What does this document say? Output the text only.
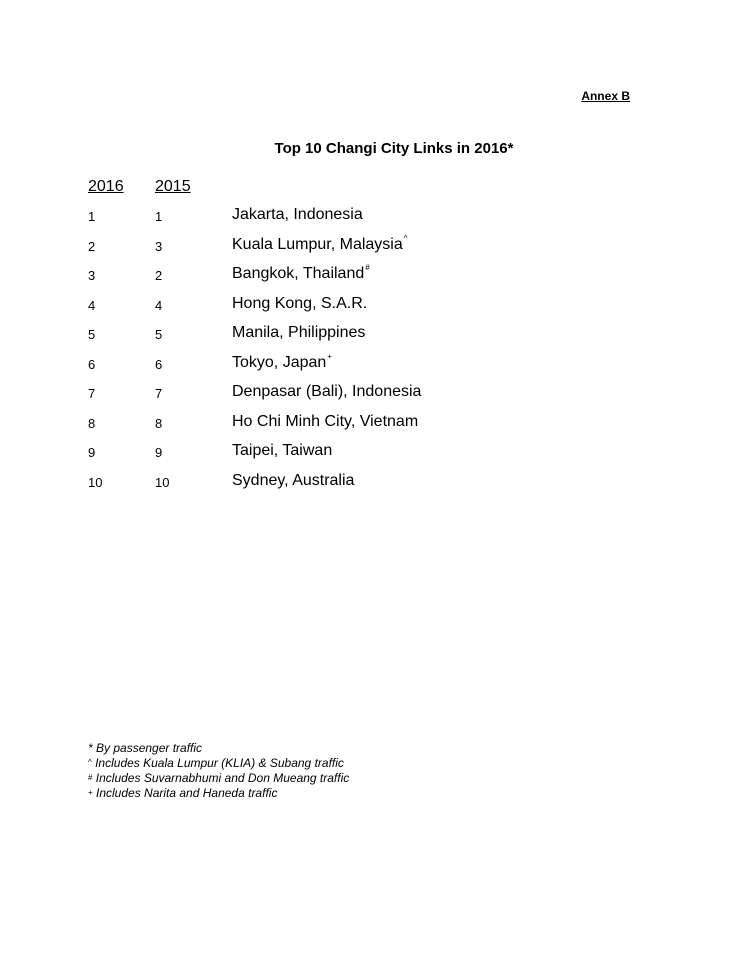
Annex B
Top 10 Changi City Links in 2016*
2016 2015
1	1	Jakarta, Indonesia
2	3	Kuala Lumpur, Malaysia^
3	2	Bangkok, Thailand#
4	4	Hong Kong, S.A.R.
5	5	Manila, Philippines
6	6	Tokyo, Japan+
7	7	Denpasar (Bali), Indonesia
8	8	Ho Chi Minh City, Vietnam
9	9	Taipei, Taiwan
10	10	Sydney, Australia
* By passenger traffic
^ Includes Kuala Lumpur (KLIA) & Subang traffic
# Includes Suvarnabhumi and Don Mueang traffic
+ Includes Narita and Haneda traffic
